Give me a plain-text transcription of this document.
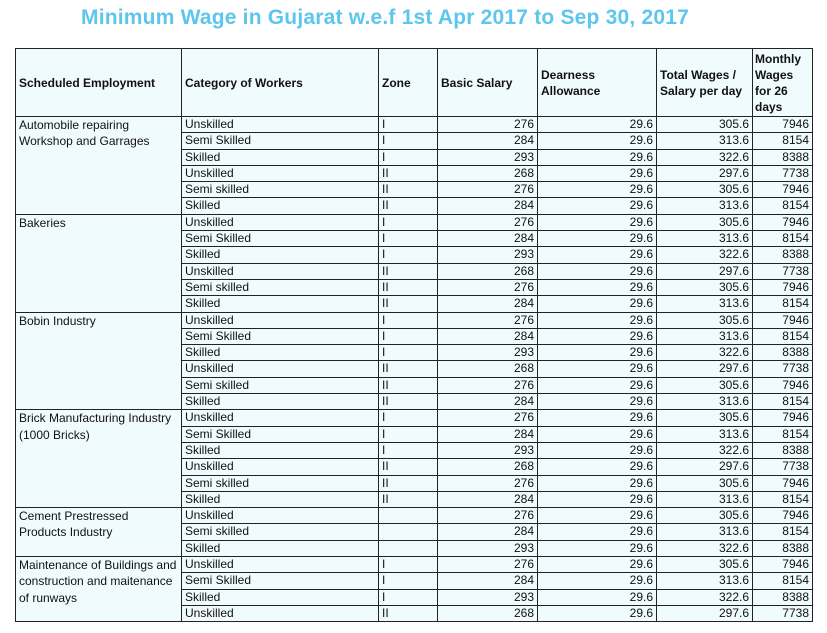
Minimum Wage in Gujarat w.e.f 1st Apr 2017 to Sep 30, 2017
Scheduled Employment	Category of Workers	Zone	Basic Salary	Dearness Allowance	Total Wages / Salary per day	Monthly Wages for 26 days
Automobile repairing Workshop and Garrages	Unskilled	I	276	29.6	305.6	7946
	Semi Skilled	I	284	29.6	313.6	8154
	Skilled	I	293	29.6	322.6	8388
	Unskilled	II	268	29.6	297.6	7738
	Semi skilled	II	276	29.6	305.6	7946
	Skilled	II	284	29.6	313.6	8154
Bakeries	Unskilled	I	276	29.6	305.6	7946
	Semi Skilled	I	284	29.6	313.6	8154
	Skilled	I	293	29.6	322.6	8388
	Unskilled	II	268	29.6	297.6	7738
	Semi skilled	II	276	29.6	305.6	7946
	Skilled	II	284	29.6	313.6	8154
Bobin Industry	Unskilled	I	276	29.6	305.6	7946
	Semi Skilled	I	284	29.6	313.6	8154
	Skilled	I	293	29.6	322.6	8388
	Unskilled	II	268	29.6	297.6	7738
	Semi skilled	II	276	29.6	305.6	7946
	Skilled	II	284	29.6	313.6	8154
Brick Manufacturing Industry (1000 Bricks)	Unskilled	I	276	29.6	305.6	7946
	Semi Skilled	I	284	29.6	313.6	8154
	Skilled	I	293	29.6	322.6	8388
	Unskilled	II	268	29.6	297.6	7738
	Semi skilled	II	276	29.6	305.6	7946
	Skilled	II	284	29.6	313.6	8154
Cement Prestressed Products Industry	Unskilled		276	29.6	305.6	7946
	Semi skilled		284	29.6	313.6	8154
	Skilled		293	29.6	322.6	8388
Maintenance of Buildings and construction and maitenance of runways	Unskilled	I	276	29.6	305.6	7946
	Semi Skilled	I	284	29.6	313.6	8154
	Skilled	I	293	29.6	322.6	8388
	Unskilled	II	268	29.6	297.6	7738
